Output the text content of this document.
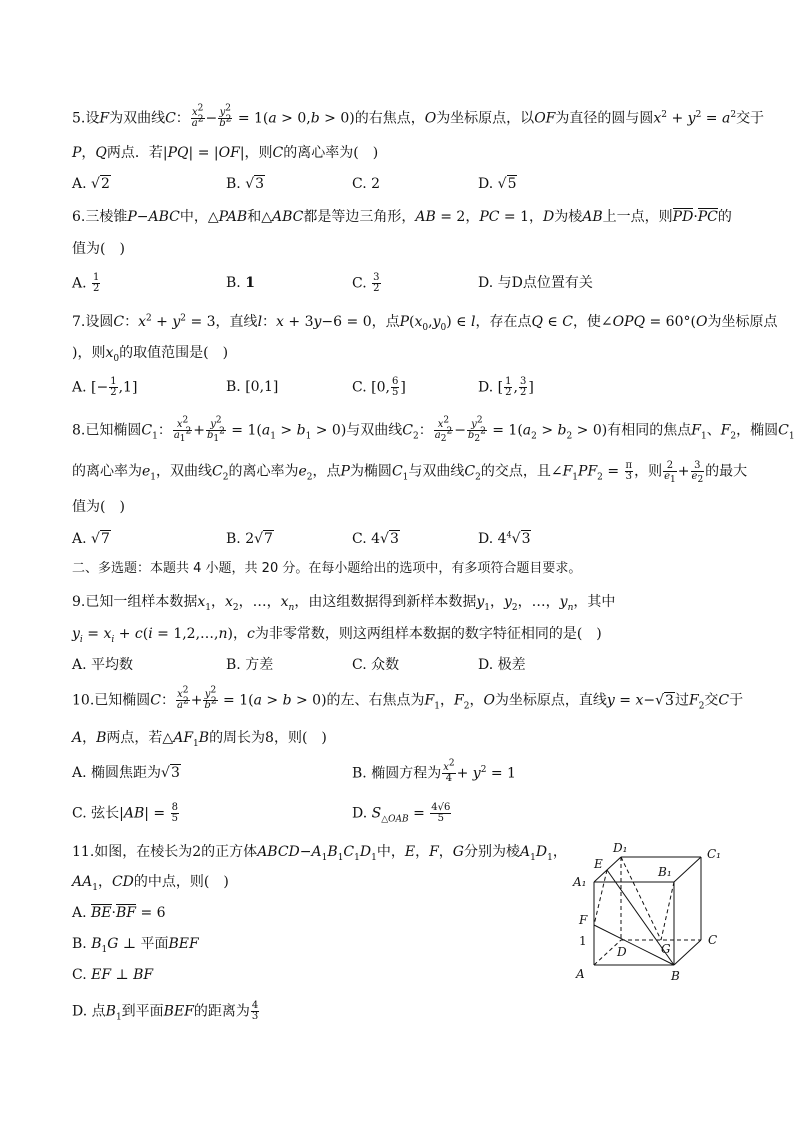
5.设F为双曲线C： $\frac{x^2}{a^2} - \frac{y^2}{b^2} = 1(a > 0,b > 0)$的右焦点，O为坐标原点，以OF为直径的圆与圆$x^2 + y^2 = a^2$交于
P，Q两点．若|PQ| = |OF|，则C的离心率为(　)
A. √2	B. √3	C. 2	D. √5
6.三棱锥P−ABC中，△PAB和△ABC都是等边三角形，AB = 2，PC = 1，D为棱AB上一点，则PD·PC的
值为(　)
A. $\frac{1}{2}$	B. 1	C. $\frac{3}{2}$	D. 与D点位置有关
7.设圆C：$x^2 + y^2 = 3$，直线l：x + 3y−6 = 0，点$P(x_0,y_0)$ ∈ l，存在点Q ∈ C，使∠OPQ = 60°(O为坐标原点
)，则$x_0$的取值范围是(　)
A. [− $\frac{1}{2} ,1$]	B. [0,1]	C. [0, $\frac{6}{5}$ ]	D. [ $\frac{1}{2}$ , $\frac{3}{2}$ ]
8.已知椭圆$C_1$： $\frac{x^2}{a_1^2} + \frac{y^2}{b_1^2} = 1(a_1 > b_1 > 0)$与双曲线$C_2$： $\frac{x^2}{a_2^2} - \frac{y^2}{b_2^2} = 1(a_2 > b_2 > 0)$有相同的焦点$F_1$、$F_2$，椭圆$C_1$
的离心率为$e_1$，双曲线$C_2$的离心率为$e_2$，点P为椭圆$C_1$与双曲线$C_2$的交点，且$\angle F_1PF_2 = \frac{\pi}{3}$ ，则 $\frac{2}{e_1} + \frac{3}{e_2}$ 的最大
值为(　)
A. √7	B. 2√7	C. 4√3	D. $4^4√3$
二、多选题：本题共 4 小题，共 20 分。在每小题给出的选项中，有多项符合题目要求。
9.已知一组样本数据$x_1$，$x_2$，…，$x_n$，由这组数据得到新样本数据$y_1$，$y_2$，…，$y_n$，其中
$y_i = x_i + c(i$ = 1,2,…,n)，c为非零常数，则这两组样本数据的数字特征相同的是(　)
A. 平均数	B. 方差	C. 众数	D. 极差
10.已知椭圆C： $\frac{x^2}{a^2} + \frac{y^2}{b^2} = 1(a > b > 0)$的左、右焦点为$F_1$，$F_2$，O为坐标原点，直线y = x−√3过$F_2$交C于
A，B两点，若$\triangle AF_1B$的周长为8，则(　)
A. 椭圆焦距为√3	B. 椭圆方程为 $\frac{x^2}{4} + y^2 = 1$
C. 弦长$|AB| = \frac{8}{5}$	D. $S_{\triangle OAB} = \frac{4√6}{5}$
11.如图，在棱长为2的正方体$ABCD-A_1B_1C_1D_1$中，E，F，G分别为棱$A_1D_1$，
$AA_1$，CD的中点，则(　)
A. BE·BF = 6
B. $B_1G$ ⊥ 平面BEF
C. EF ⊥ BF
D. 点$B_1$到平面BEF的距离为 $\frac{4}{3}$
D₁	C₁
E
A₁
B₁
F
1	C
D	G
A	B
